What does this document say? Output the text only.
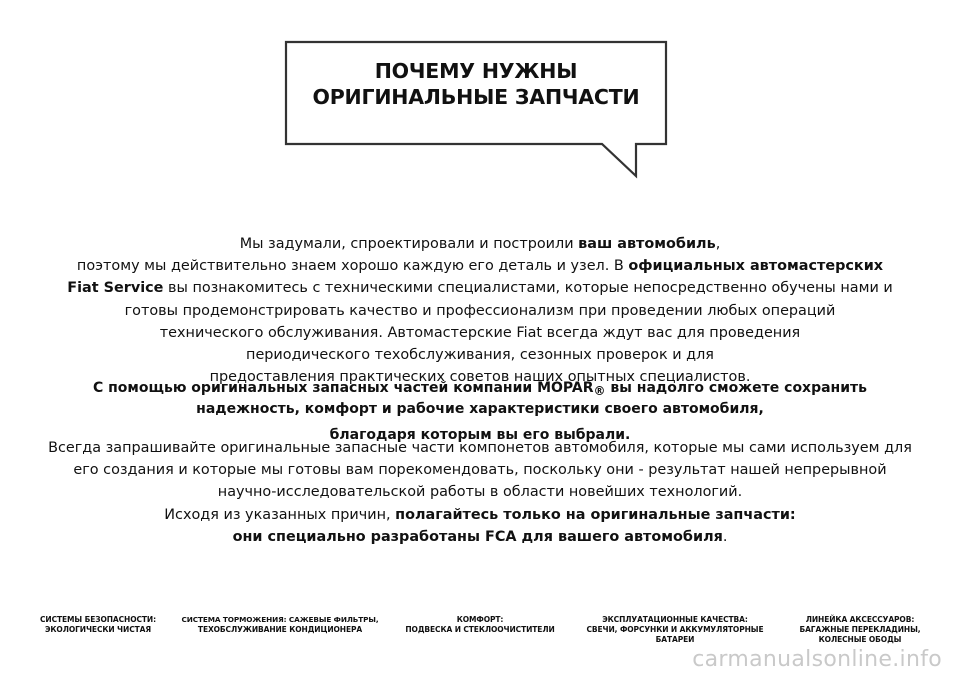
ПОЧЕМУ НУЖНЫ
ОРИГИНАЛЬНЫЕ ЗАПЧАСТИ
Мы задумали, спроектировали и построили ваш автомобиль,
поэтому мы действительно знаем хорошо каждую его деталь и узел. В официальных автомастерских
Fiat Service вы познакомитесь с техническими специалистами, которые непосредственно обучены нами и
готовы продемонстрировать качество и профессионализм при проведении любых операций
технического обслуживания. Автомастерские Fiat всегда ждут вас для проведения
периодического техобслуживания, сезонных проверок и для
предоставления практических советов наших опытных специалистов.
С помощью оригинальных запасных частей компании MOPAR® вы надолго сможете сохранить
надежность, комфорт и рабочие характеристики своего автомобиля,
благодаря которым вы его выбрали.
Всегда запрашивайте оригинальные запасные части компонетов автомобиля, которые мы сами используем для
его создания и которые мы готовы вам порекомендовать, поскольку они - результат нашей непрерывной
научно-исследовательской работы в области новейших технологий.
Исходя из указанных причин, полагайтесь только на оригинальные запчасти:
они специально разработаны FCA для вашего автомобиля.
СИСТЕМЫ БЕЗОПАСНОСТИ:
ЭКОЛОГИЧЕСКИ ЧИСТАЯ
СИСТЕМА ТОРМОЖЕНИЯ: САЖЕВЫЕ ФИЛЬТРЫ,
ТЕХОБСЛУЖИВАНИЕ КОНДИЦИОНЕРА
КОМФОРТ:
ПОДВЕСКА И СТЕКЛООЧИСТИТЕЛИ
ЭКСПЛУАТАЦИОННЫЕ КАЧЕСТВА:
СВЕЧИ, ФОРСУНКИ И АККУМУЛЯТОРНЫЕ
БАТАРЕИ
ЛИНЕЙКА АКСЕССУАРОВ:
БАГАЖНЫЕ ПЕРЕКЛАДИНЫ,
КОЛЕСНЫЕ ОБОДЫ
carmanualsonline.info
